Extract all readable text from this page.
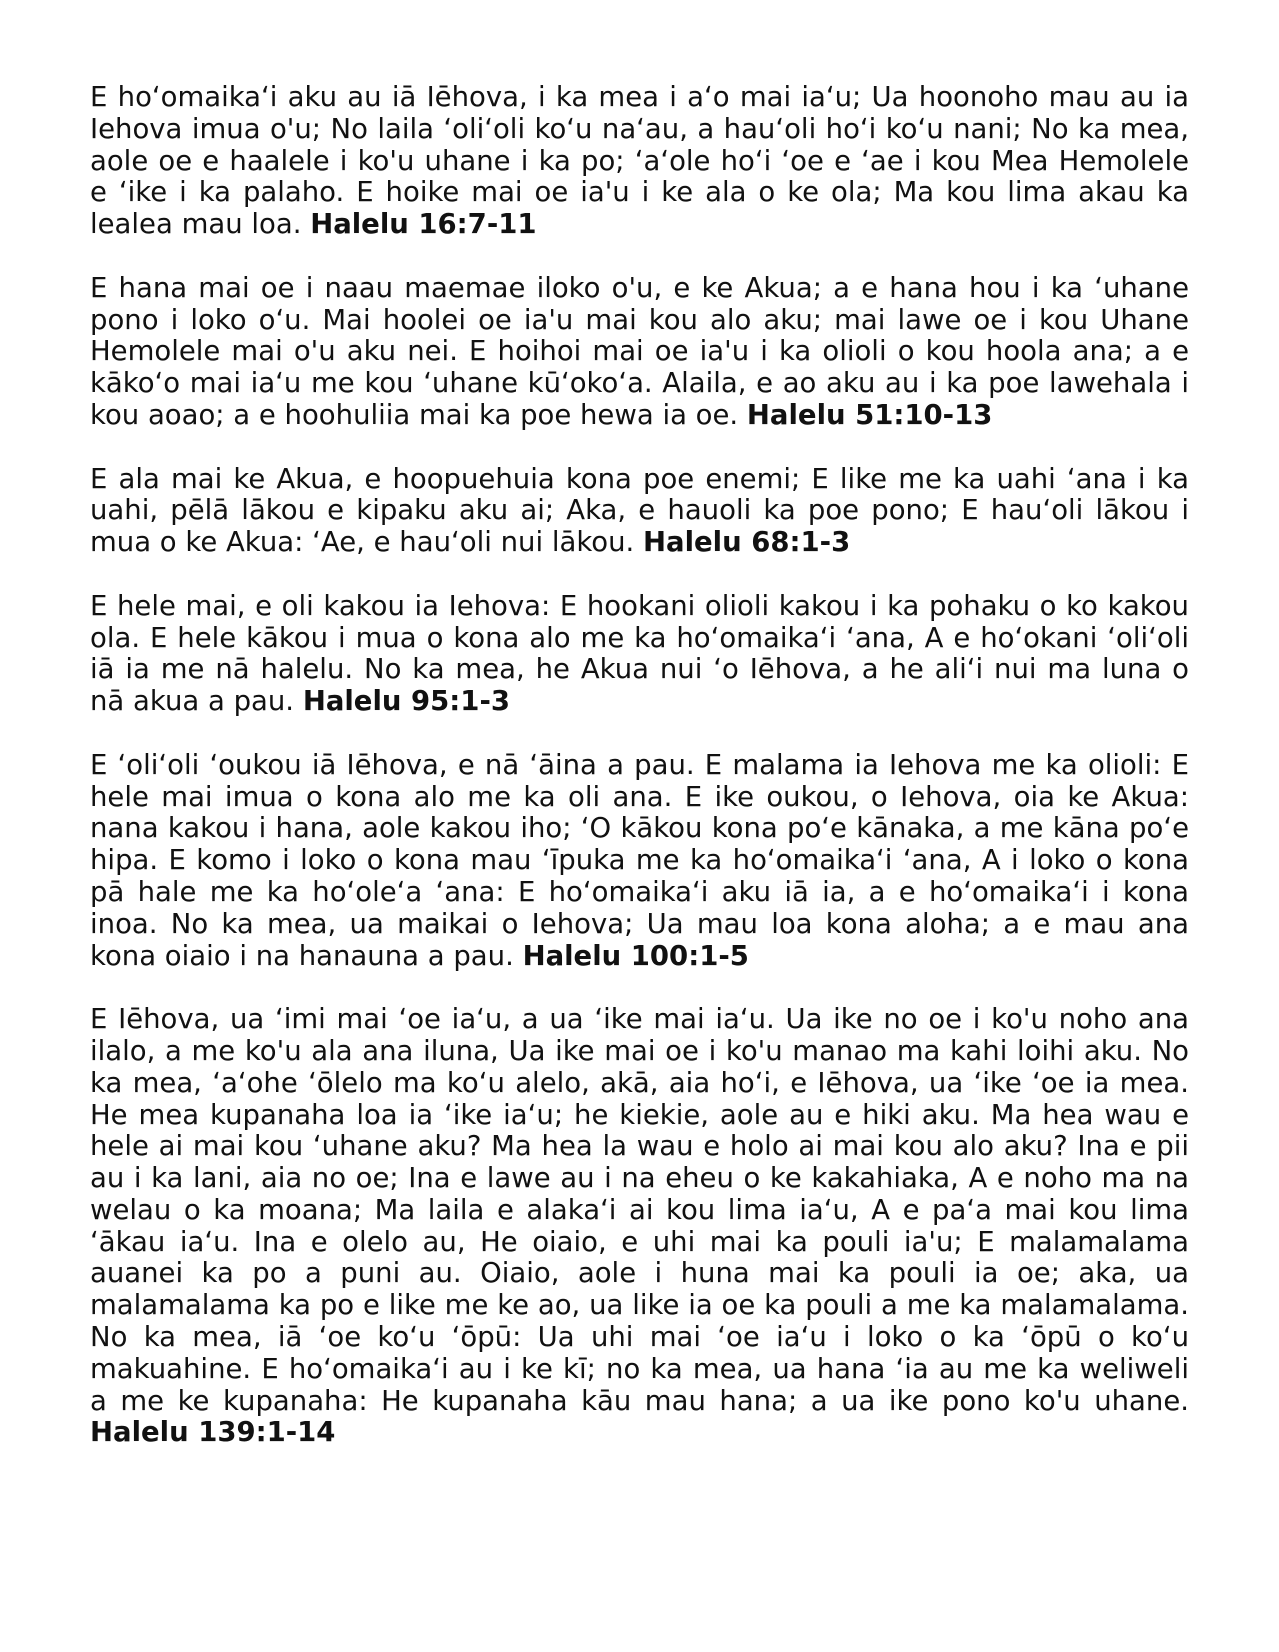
E hoʻomaikaʻi aku au iā Iēhova, i ka mea i aʻo mai iaʻu; Ua hoonoho mau au ia Iehova imua o'u; No laila ʻoliʻoli koʻu naʻau, a hauʻoli hoʻi koʻu nani; No ka mea, aole oe e haalele i ko'u uhane i ka po; ʻaʻole hoʻi ʻoe e ʻae i kou Mea Hemolele e ʻike i ka palaho. E hoike mai oe ia'u i ke ala o ke ola; Ma kou lima akau ka lealea mau loa. Halelu 16:7-11

E hana mai oe i naau maemae iloko o'u, e ke Akua; a e hana hou i ka ʻuhane pono i loko oʻu. Mai hoolei oe ia'u mai kou alo aku; mai lawe oe i kou Uhane Hemolele mai o'u aku nei. E hoihoi mai oe ia'u i ka olioli o kou hoola ana; a e kākoʻo mai iaʻu me kou ʻuhane kūʻokoʻa. Alaila, e ao aku au i ka poe lawehala i kou aoao; a e hoohuliia mai ka poe hewa ia oe. Halelu 51:10-13

E ala mai ke Akua, e hoopuehuia kona poe enemi; E like me ka uahi ʻana i ka uahi, pēlā lākou e kipaku aku ai; Aka, e hauoli ka poe pono; E hauʻoli lākou i mua o ke Akua: ʻAe, e hauʻoli nui lākou. Halelu 68:1-3

E hele mai, e oli kakou ia Iehova: E hookani olioli kakou i ka pohaku o ko kakou ola. E hele kākou i mua o kona alo me ka hoʻomaikaʻi ʻana, A e hoʻokani ʻoliʻoli iā ia me nā halelu. No ka mea, he Akua nui ʻo Iēhova, a he aliʻi nui ma luna o nā akua a pau. Halelu 95:1-3

E ʻoliʻoli ʻoukou iā Iēhova, e nā ʻāina a pau. E malama ia Iehova me ka olioli: E hele mai imua o kona alo me ka oli ana. E ike oukou, o Iehova, oia ke Akua: nana kakou i hana, aole kakou iho; ʻO kākou kona poʻe kānaka, a me kāna poʻe hipa. E komo i loko o kona mau ʻīpuka me ka hoʻomaikaʻi ʻana, A i loko o kona pā hale me ka hoʻoleʻa ʻana: E hoʻomaikaʻi aku iā ia, a e hoʻomaikaʻi i kona inoa. No ka mea, ua maikai o Iehova; Ua mau loa kona aloha; a e mau ana kona oiaio i na hanauna a pau. Halelu 100:1-5

E Iēhova, ua ʻimi mai ʻoe iaʻu, a ua ʻike mai iaʻu. Ua ike no oe i ko'u noho ana ilalo, a me ko'u ala ana iluna, Ua ike mai oe i ko'u manao ma kahi loihi aku. No ka mea, ʻaʻohe ʻōlelo ma koʻu alelo, akā, aia hoʻi, e Iēhova, ua ʻike ʻoe ia mea. He mea kupanaha loa ia ʻike iaʻu; he kiekie, aole au e hiki aku. Ma hea wau e hele ai mai kou ʻuhane aku? Ma hea la wau e holo ai mai kou alo aku? Ina e pii au i ka lani, aia no oe; Ina e lawe au i na eheu o ke kakahiaka, A e noho ma na welau o ka moana; Ma laila e alakaʻi ai kou lima iaʻu, A e paʻa mai kou lima ʻākau iaʻu. Ina e olelo au, He oiaio, e uhi mai ka pouli ia'u; E malamalama auanei ka po a puni au. Oiaio, aole i huna mai ka pouli ia oe; aka, ua malamalama ka po e like me ke ao, ua like ia oe ka pouli a me ka malamalama. No ka mea, iā ʻoe koʻu ʻōpū: Ua uhi mai ʻoe iaʻu i loko o ka ʻōpū o koʻu makuahine. E hoʻomaikaʻi au i ke kī; no ka mea, ua hana ʻia au me ka weliweli a me ke kupanaha: He kupanaha kāu mau hana; a ua ike pono ko'u uhane. Halelu 139:1-14
